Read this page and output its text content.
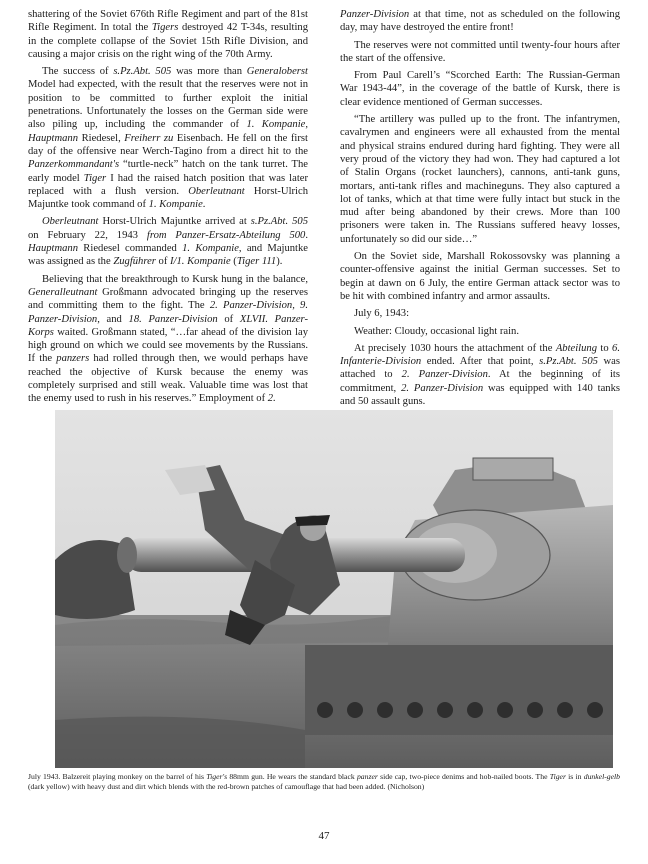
shattering of the Soviet 676th Rifle Regiment and part of the 81st Rifle Regiment. In total the Tigers destroyed 42 T-34s, resulting in the complete collapse of the Soviet 15th Rifle Division, and causing a major crisis on the right wing of the 70th Army.

The success of s.Pz.Abt. 505 was more than Generaloberst Model had expected, with the result that the reserves were not in position to be committed to further exploit the initial penetrations. Unfortunately the losses on the German side were also piling up, including the commander of 1. Kompanie, Hauptmann Riedesel, Freiherr zu Eisenbach. He fell on the first day of the offensive near Werch-Tagino from a direct hit to the Panzerkommandant's “turtle-neck” hatch on the tank turret. The early model Tiger I had the raised hatch position that was later replaced with a flush version. Oberleutnant Horst-Ulrich Majuntke took command of 1. Kompanie.

Oberleutnant Horst-Ulrich Majuntke arrived at s.Pz.Abt. 505 on February 22, 1943 from Panzer-Ersatz-Abteilung 500. Hauptmann Riedesel commanded 1. Kompanie, and Majuntke was assigned as the Zugführer of I/1. Kompanie (Tiger 111).

Believing that the breakthrough to Kursk hung in the balance, Generalleutnant Großmann advocated bringing up the reserves and committing them to the fight. The 2. Panzer-Division, 9. Panzer-Division, and 18. Panzer-Division of XLVII. Panzer-Korps waited. Großmann stated, “…far ahead of the division lay high ground on which we could see movements by the Russians. If the panzers had rolled through then, we would perhaps have reached the objective of Kursk because the enemy was completely surprised and still weak. Valuable time was lost that the enemy used to rush in his reserves.” Employment of 2.

Panzer-Division at that time, not as scheduled on the following day, may have destroyed the entire front!

The reserves were not committed until twenty-four hours after the start of the offensive.

From Paul Carell’s “Scorched Earth: The Russian-German War 1943-44”, in the coverage of the battle of Kursk, there is clear evidence mentioned of German successes.

“The artillery was pulled up to the front. The infantrymen, cavalrymen and engineers were all exhausted from the mental and physical strains endured during hard fighting. They were all very proud of the victory they had won. They had captured a lot of Stalin Organs (rocket launchers), cannons, anti-tank guns, mortars, anti-tank rifles and machineguns. They also captured a lot of tanks, which at that time were fully intact but stuck in the mud after being abandoned by their crews. More than 100 prisoners were taken in. The Russians suffered heavy losses, unfortunately so did our side…”

On the Soviet side, Marshall Rokossovsky was planning a counter-offensive against the initial German successes. Set to begin at dawn on 6 July, the entire German attack sector was to be hit with combined infantry and armor assaults.

July 6, 1943:

Weather: Cloudy, occasional light rain.

At precisely 1030 hours the attachment of the Abteilung to 6. Infanterie-Division ended. After that point, s.Pz.Abt. 505 was attached to 2. Panzer-Division. At the beginning of its commitment, 2. Panzer-Division was equipped with 140 tanks and 50 assault guns.

July 1943. Balzereit playing monkey on the barrel of his Tiger's 88mm gun. He wears the standard black panzer side cap, two-piece denims and hob-nailed boots. The Tiger is in dunkel-gelb (dark yellow) with heavy dust and dirt which blends with the red-brown patches of camouflage that had been added. (Nicholson)
47
